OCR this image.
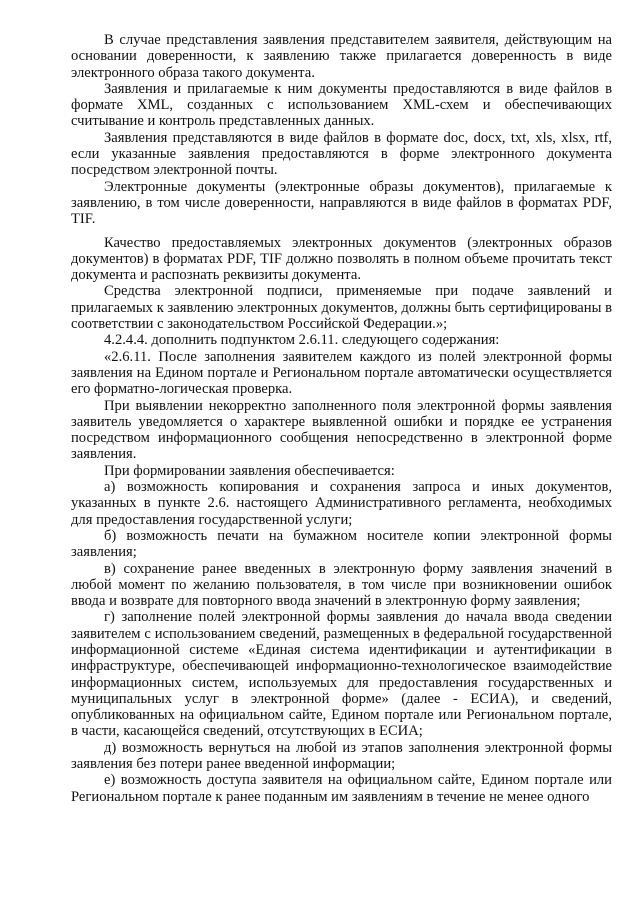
В случае представления заявления представителем заявителя, действующим на основании доверенности, к заявлению также прилагается доверенность в виде электронного образа такого документа.

Заявления и прилагаемые к ним документы предоставляются в виде файлов в формате XML, созданных с использованием XML-схем и обеспечивающих считывание и контроль представленных данных.

Заявления представляются в виде файлов в формате doc, docx, txt, xls, xlsx, rtf, если указанные заявления предоставляются в форме электронного документа посредством электронной почты.

Электронные документы (электронные образы документов), прилагаемые к заявлению, в том числе доверенности, направляются в виде файлов в форматах PDF, TIF.

Качество предоставляемых электронных документов (электронных образов документов) в форматах PDF, TIF должно позволять в полном объеме прочитать текст документа и распознать реквизиты документа.

Средства электронной подписи, применяемые при подаче заявлений и прилагаемых к заявлению электронных документов, должны быть сертифицированы в соответствии с законодательством Российской Федерации.»;

4.2.4.4. дополнить подпунктом 2.6.11. следующего содержания:

«2.6.11. После заполнения заявителем каждого из полей электронной формы заявления на Едином портале и Региональном портале автоматически осуществляется его форматно-логическая проверка.

При выявлении некорректно заполненного поля электронной формы заявления заявитель уведомляется о характере выявленной ошибки и порядке ее устранения посредством информационного сообщения непосредственно в электронной форме заявления.

При формировании заявления обеспечивается:

а) возможность копирования и сохранения запроса и иных документов, указанных в пункте 2.6. настоящего Административного регламента, необходимых для предоставления государственной услуги;

б) возможность печати на бумажном носителе копии электронной формы заявления;

в) сохранение ранее введенных в электронную форму заявления значений в любой момент по желанию пользователя, в том числе при возникновении ошибок ввода и возврате для повторного ввода значений в электронную форму заявления;

г) заполнение полей электронной формы заявления до начала ввода сведении заявителем с использованием сведений, размещенных в федеральной государственной информационной системе «Единая система идентификации и аутентификации в инфраструктуре, обеспечивающей информационно-технологическое взаимодействие информационных систем, используемых для предоставления государственных и муниципальных услуг в электронной форме» (далее - ЕСИА), и сведений, опубликованных на официальном сайте, Едином портале или Региональном портале, в части, касающейся сведений, отсутствующих в ЕСИА;

д) возможность вернуться на любой из этапов заполнения электронной формы заявления без потери ранее введенной информации;

е) возможность доступа заявителя на официальном сайте, Едином портале или Региональном портале к ранее поданным им заявлениям в течение не менее одного
